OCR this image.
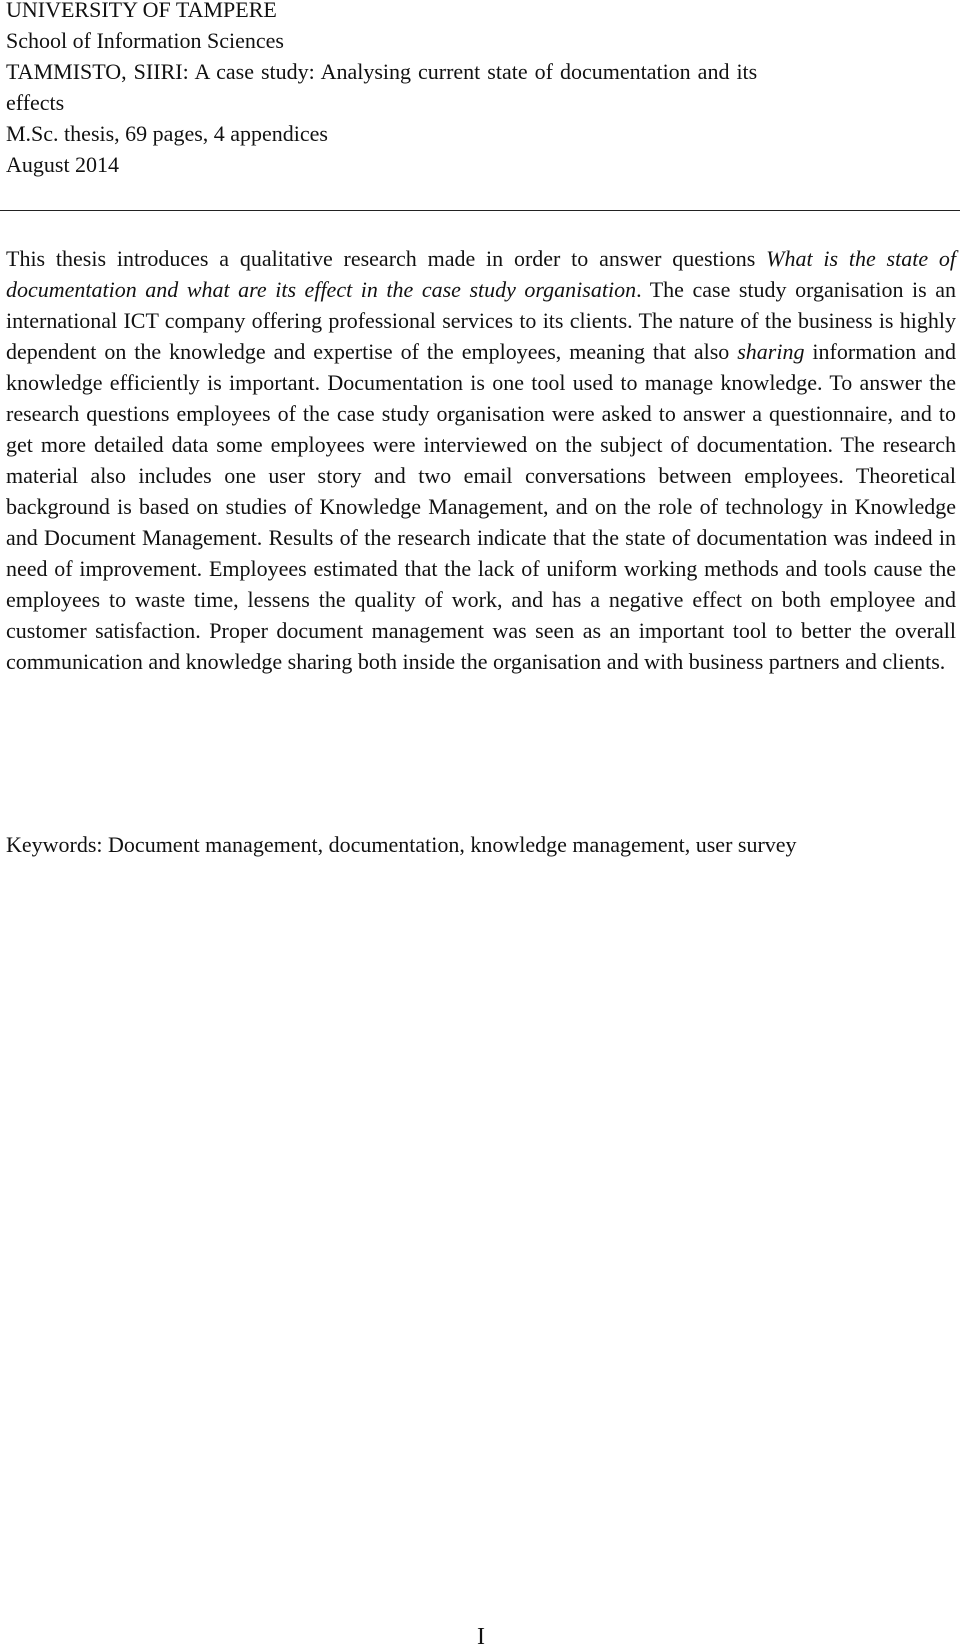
UNIVERSITY OF TAMPERE
School of Information Sciences
TAMMISTO, SIIRI: A case study: Analysing current state of documentation and its
effects
M.Sc. thesis, 69 pages, 4 appendices
August 2014

This thesis introduces a qualitative research made in order to answer questions What is the state of documentation and what are its effect in the case study organisation. The case study organisation is an international ICT company offering professional services to its clients. The nature of the business is highly dependent on the knowledge and expertise of the employees, meaning that also sharing information and knowledge efficiently is important. Documentation is one tool used to manage knowledge. To answer the research questions employees of the case study organisation were asked to answer a questionnaire, and to get more detailed data some employees were interviewed on the subject of documentation. The research material also includes one user story and two email conversations between employees. Theoretical background is based on studies of Knowledge Management, and on the role of technology in Knowledge and Document Management. Results of the research indicate that the state of documentation was indeed in need of improvement. Employees estimated that the lack of uniform working methods and tools cause the employees to waste time, lessens the quality of work, and has a negative effect on both employee and customer satisfaction. Proper document management was seen as an important tool to better the overall communication and knowledge sharing both inside the organisation and with business partners and clients.

Keywords: Document management, documentation, knowledge management, user survey

I
